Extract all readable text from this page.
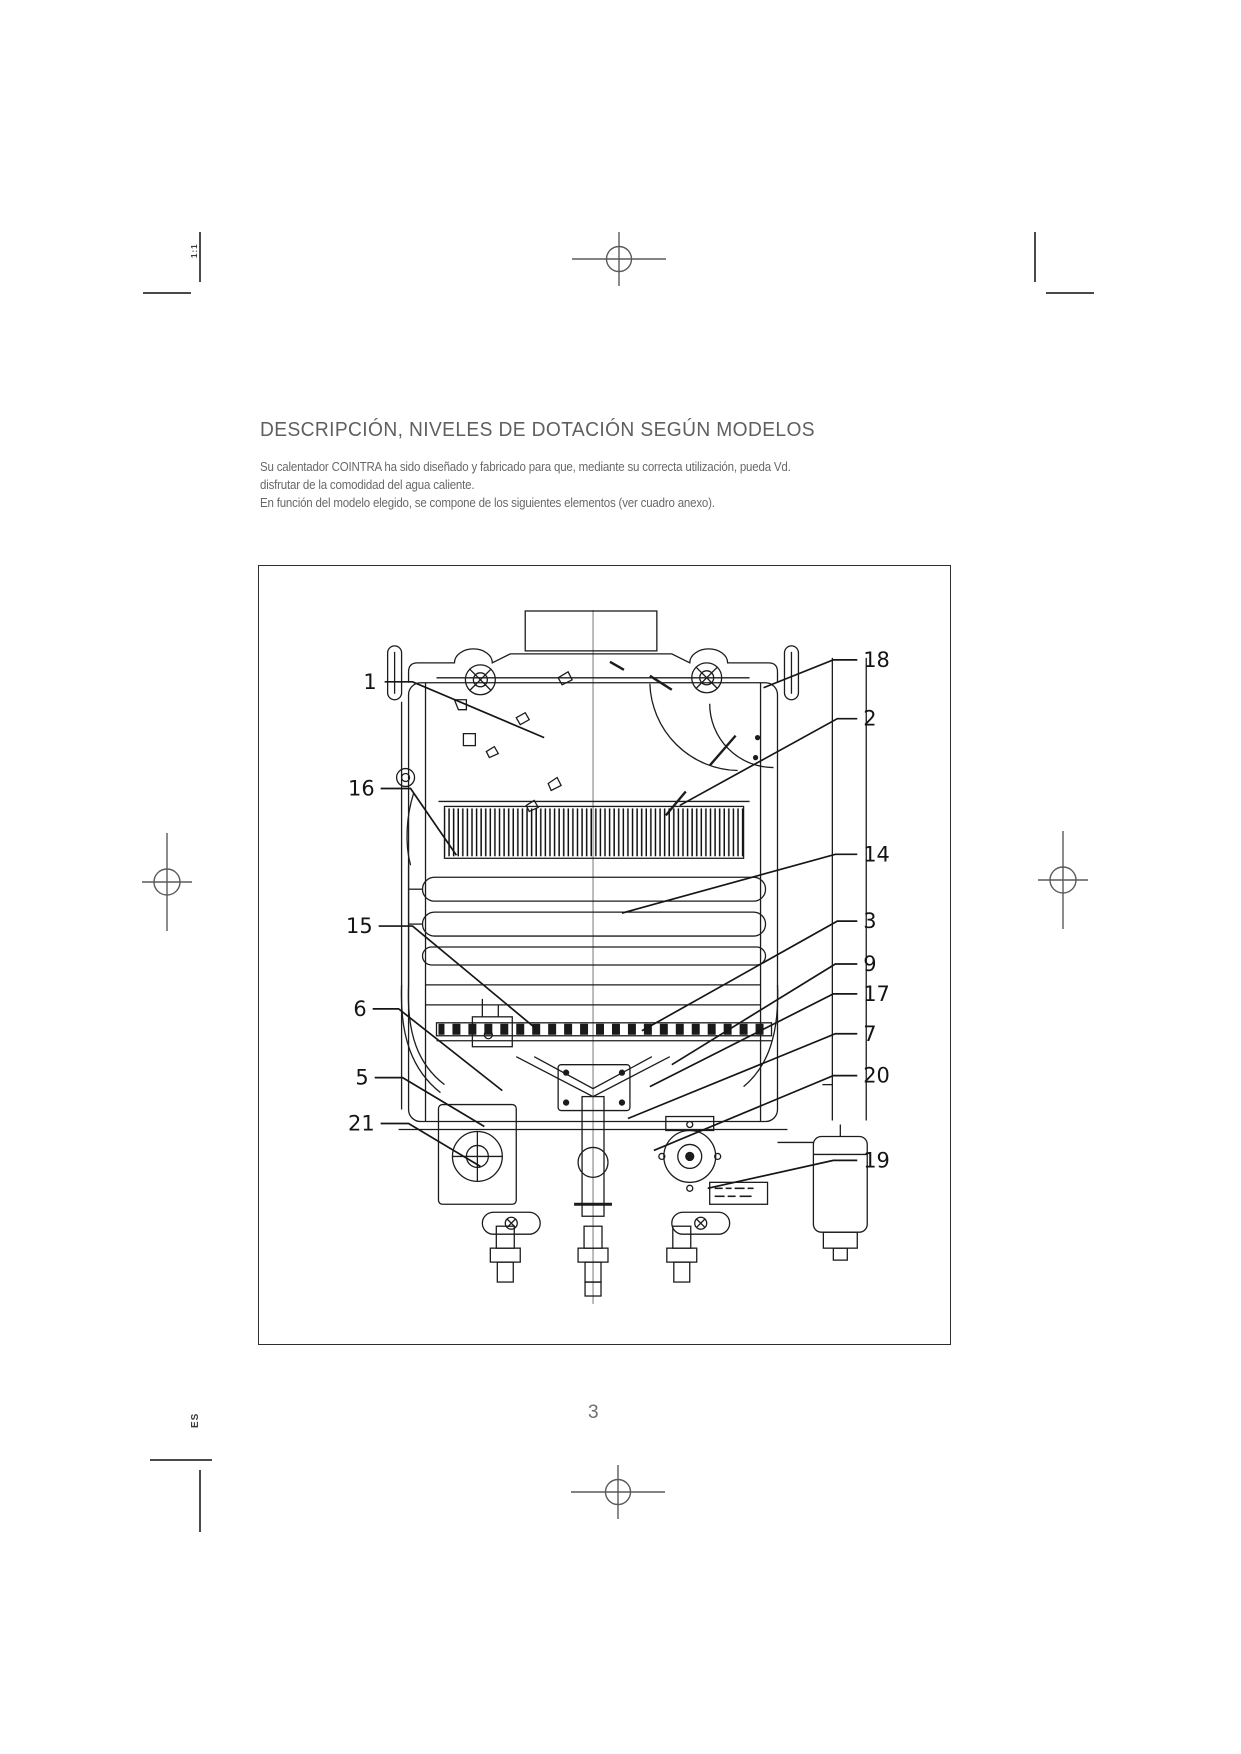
1:1
ES
DESCRIPCIÓN, NIVELES DE DOTACIÓN SEGÚN MODELOS
Su calentador COINTRA ha sido diseñado y fabricado para que, mediante su correcta utilización, pueda Vd.
disfrutar de la comodidad del agua caliente.
En función del modelo elegido, se compone de los siguientes elementos (ver cuadro anexo).
1
16
15
6
5
21
18
2
14
3
9
17
7
20
19
3
